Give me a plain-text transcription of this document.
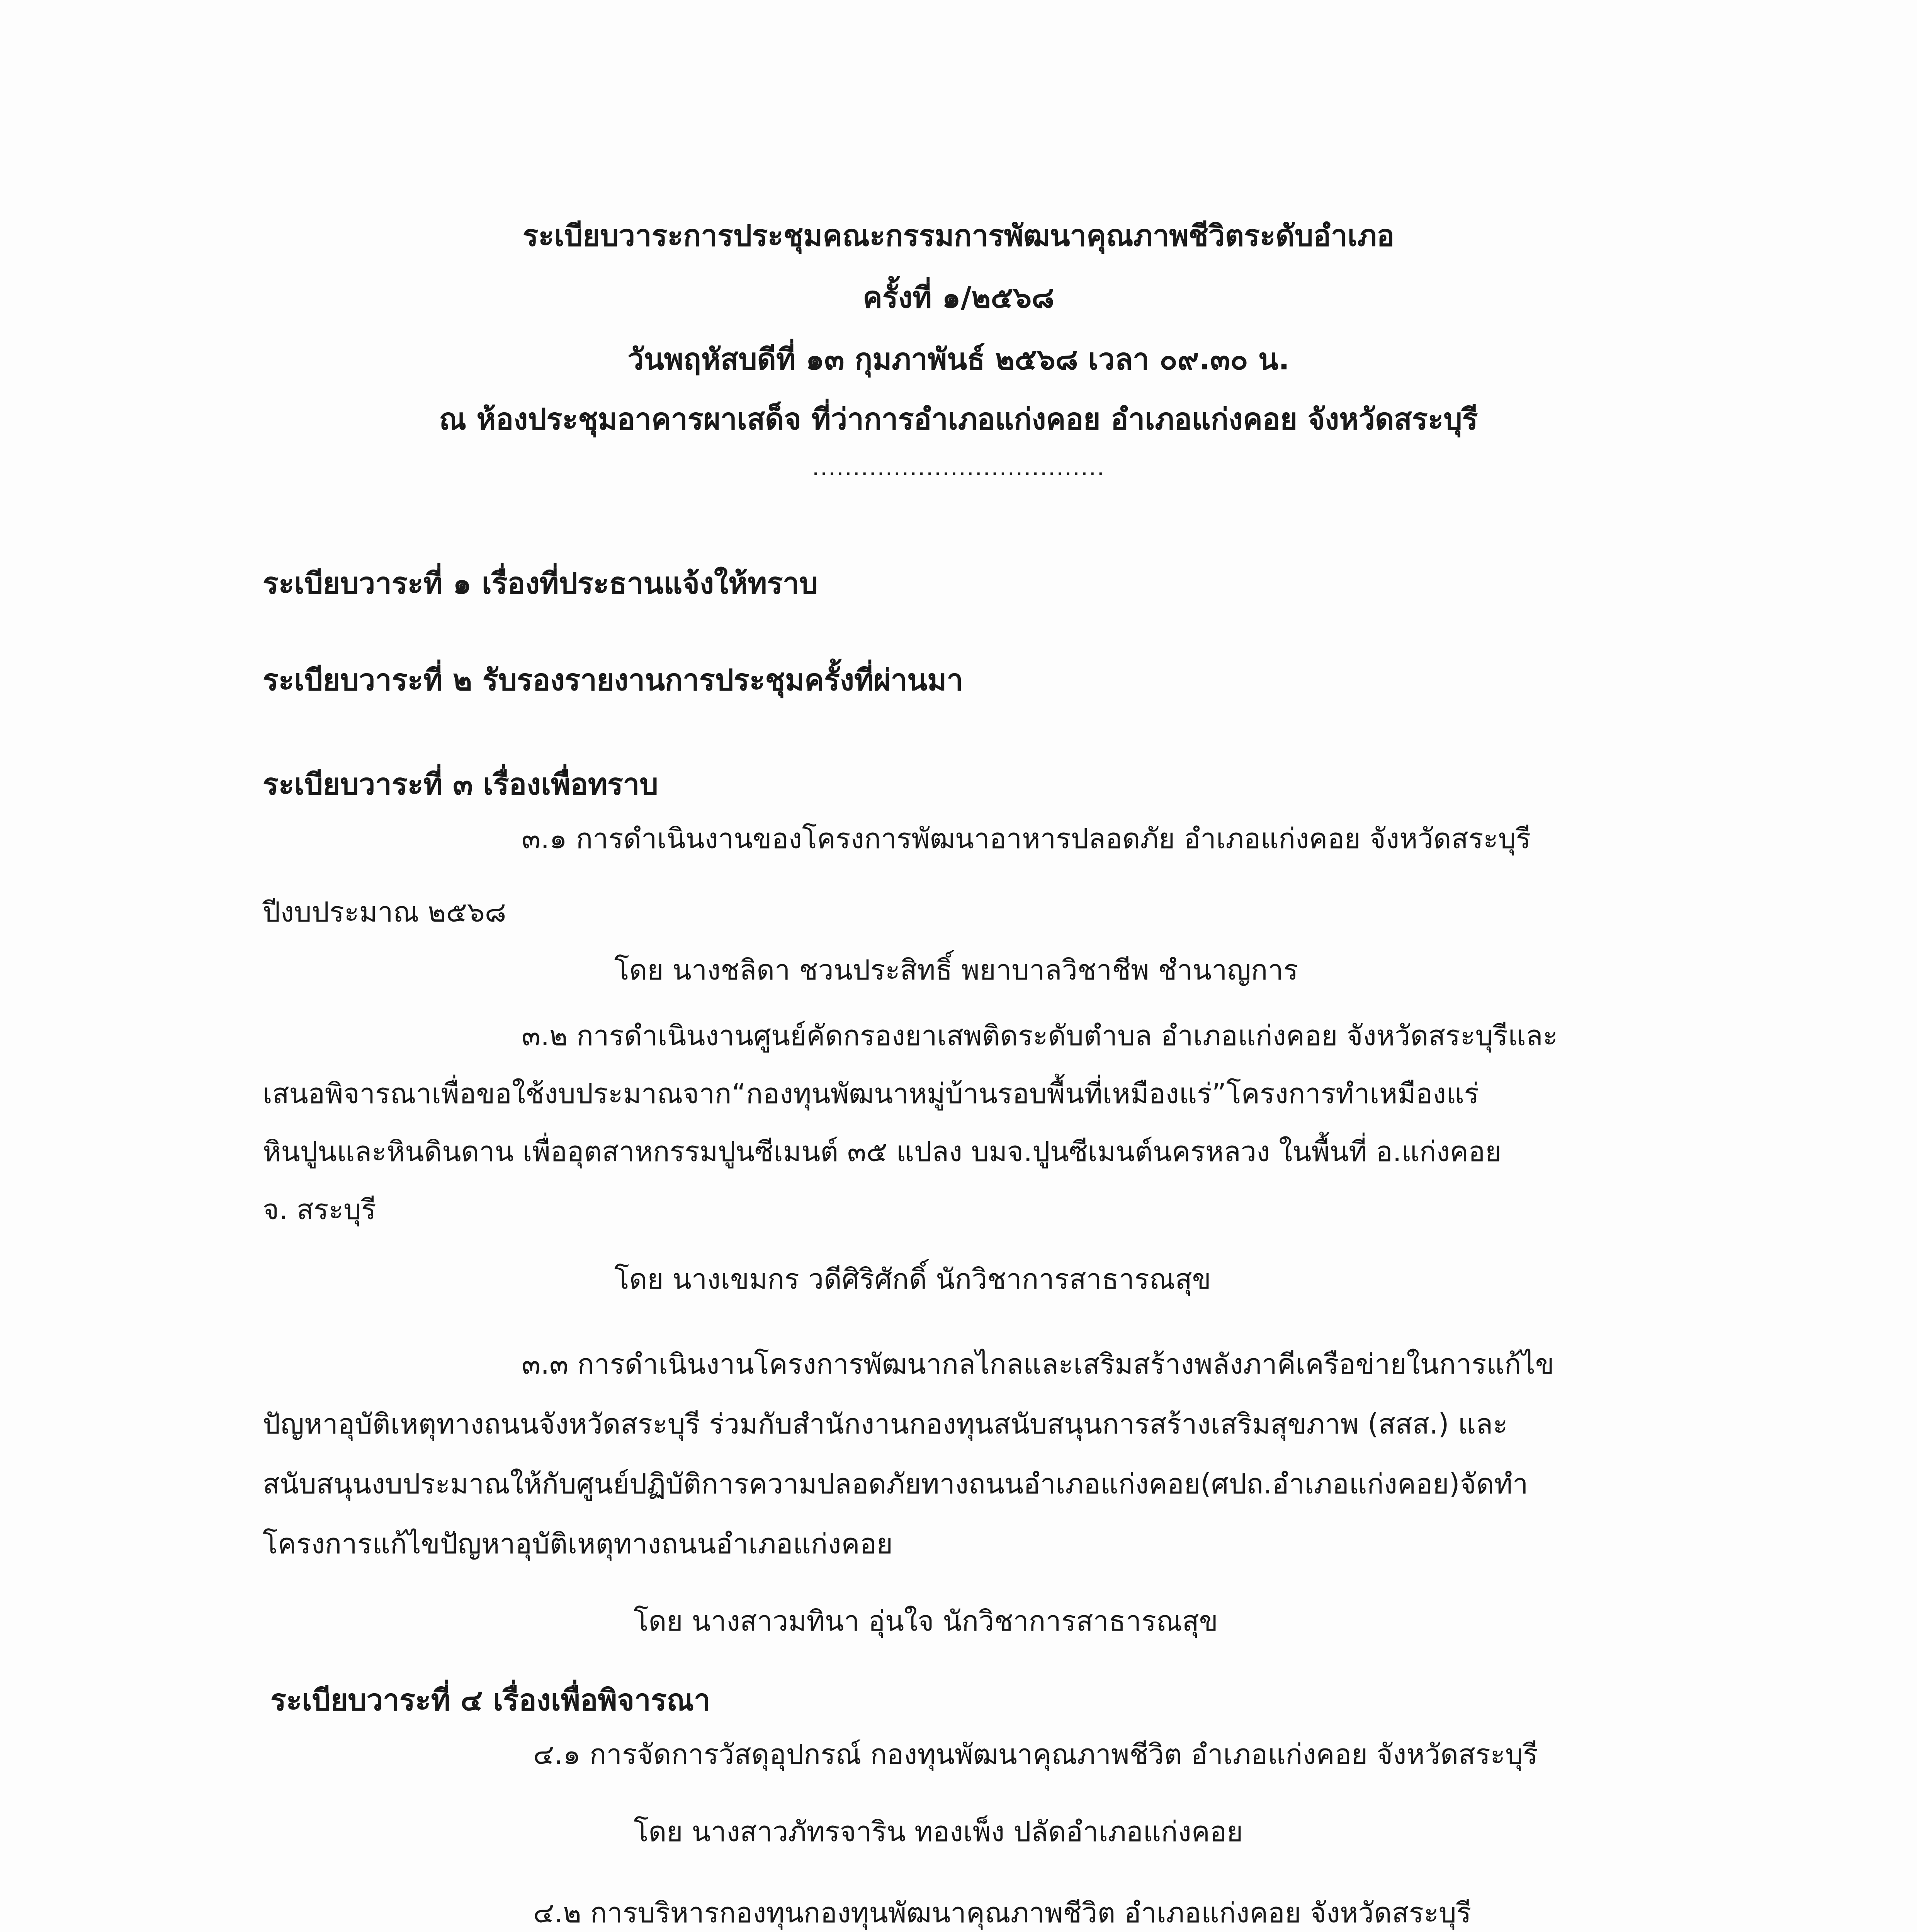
ระเบียบวาระการประชุมคณะกรรมการพัฒนาคุณภาพชีวิตระดับอำเภอ
ครั้งที่ ๑/๒๕๖๘
วันพฤหัสบดีที่ ๑๓ กุมภาพันธ์ ๒๕๖๘ เวลา ๐๙.๓๐ น.
ณ ห้องประชุมอาคารผาเสด็จ ที่ว่าการอำเภอแก่งคอย อำเภอแก่งคอย จังหวัดสระบุรี
....................................
ระเบียบวาระที่ ๑ เรื่องที่ประธานแจ้งให้ทราบ
ระเบียบวาระที่ ๒ รับรองรายงานการประชุมครั้งที่ผ่านมา
ระเบียบวาระที่ ๓ เรื่องเพื่อทราบ
๓.๑ การดำเนินงานของโครงการพัฒนาอาหารปลอดภัย อำเภอแก่งคอย จังหวัดสระบุรี
ปีงบประมาณ ๒๕๖๘
โดย นางชลิดา ชวนประสิทธิ์ พยาบาลวิชาชีพ ชำนาญการ
๓.๒ การดำเนินงานศูนย์คัดกรองยาเสพติดระดับตำบล อำเภอแก่งคอย จังหวัดสระบุรีและ
เสนอพิจารณาเพื่อขอใช้งบประมาณจาก“กองทุนพัฒนาหมู่บ้านรอบพื้นที่เหมืองแร่”โครงการทำเหมืองแร่
หินปูนและหินดินดาน เพื่ออุตสาหกรรมปูนซีเมนต์ ๓๕ แปลง บมจ.ปูนซีเมนต์นครหลวง ในพื้นที่ อ.แก่งคอย
จ. สระบุรี
โดย นางเขมกร วดีศิริศักดิ์ นักวิชาการสาธารณสุข
๓.๓ การดำเนินงานโครงการพัฒนากลไกลและเสริมสร้างพลังภาคีเครือข่ายในการแก้ไข
ปัญหาอุบัติเหตุทางถนนจังหวัดสระบุรี ร่วมกับสำนักงานกองทุนสนับสนุนการสร้างเสริมสุขภาพ (สสส.) และ
สนับสนุนงบประมาณให้กับศูนย์ปฏิบัติการความปลอดภัยทางถนนอำเภอแก่งคอย(ศปถ.อำเภอแก่งคอย)จัดทำ
โครงการแก้ไขปัญหาอุบัติเหตุทางถนนอำเภอแก่งคอย
โดย นางสาวมทินา อุ่นใจ นักวิชาการสาธารณสุข
ระเบียบวาระที่ ๔ เรื่องเพื่อพิจารณา
๔.๑ การจัดการวัสดุอุปกรณ์ กองทุนพัฒนาคุณภาพชีวิต อำเภอแก่งคอย จังหวัดสระบุรี
โดย นางสาวภัทรจาริน ทองเพ็ง ปลัดอำเภอแก่งคอย
๔.๒ การบริหารกองทุนกองทุนพัฒนาคุณภาพชีวิต อำเภอแก่งคอย จังหวัดสระบุรี
